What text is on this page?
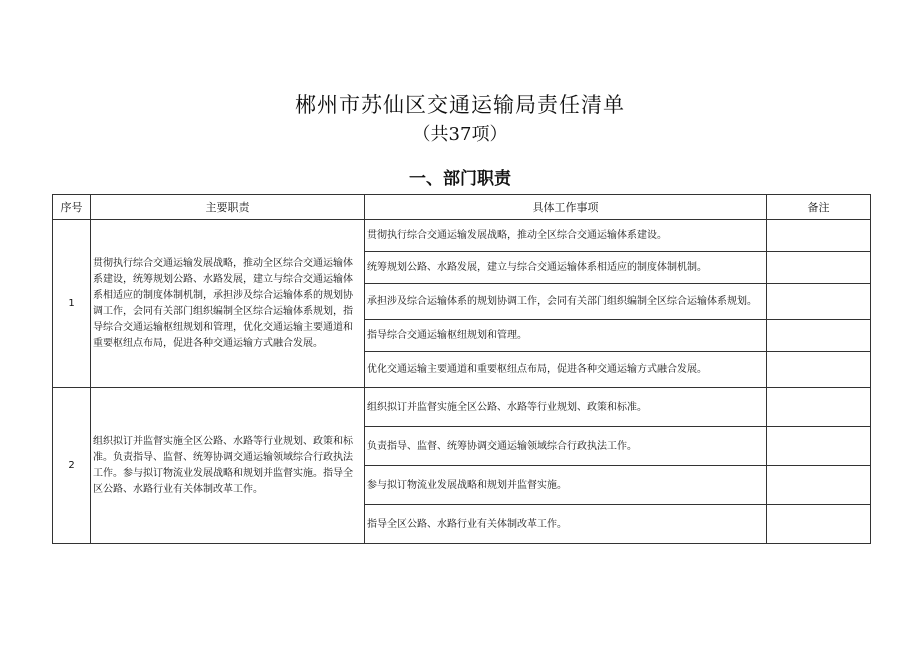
郴州市苏仙区交通运输局责任清单
（共37项）
一、部门职责
序号	主要职责	具体工作事项	备注
1	贯彻执行综合交通运输发展战略，推动全区综合交通运输体系建设，统筹规划公路、水路发展，建立与综合交通运输体系相适应的制度体制机制，承担涉及综合运输体系的规划协调工作，会同有关部门组织编制全区综合运输体系规划，指导综合交通运输枢纽规划和管理，优化交通运输主要通道和重要枢纽点布局，促进各种交通运输方式融合发展。	贯彻执行综合交通运输发展战略，推动全区综合交通运输体系建设。	
		统筹规划公路、水路发展，建立与综合交通运输体系相适应的制度体制机制。	
		承担涉及综合运输体系的规划协调工作，会同有关部门组织编制全区综合运输体系规划。	
		指导综合交通运输枢纽规划和管理。	
		优化交通运输主要通道和重要枢纽点布局，促进各种交通运输方式融合发展。	
2	组织拟订并监督实施全区公路、水路等行业规划、政策和标准。负责指导、监督、统筹协调交通运输领域综合行政执法工作。参与拟订物流业发展战略和规划并监督实施。指导全区公路、水路行业有关体制改革工作。	组织拟订并监督实施全区公路、水路等行业规划、政策和标准。	
		负责指导、监督、统筹协调交通运输领域综合行政执法工作。	
		参与拟订物流业发展战略和规划并监督实施。	
		指导全区公路、水路行业有关体制改革工作。	
